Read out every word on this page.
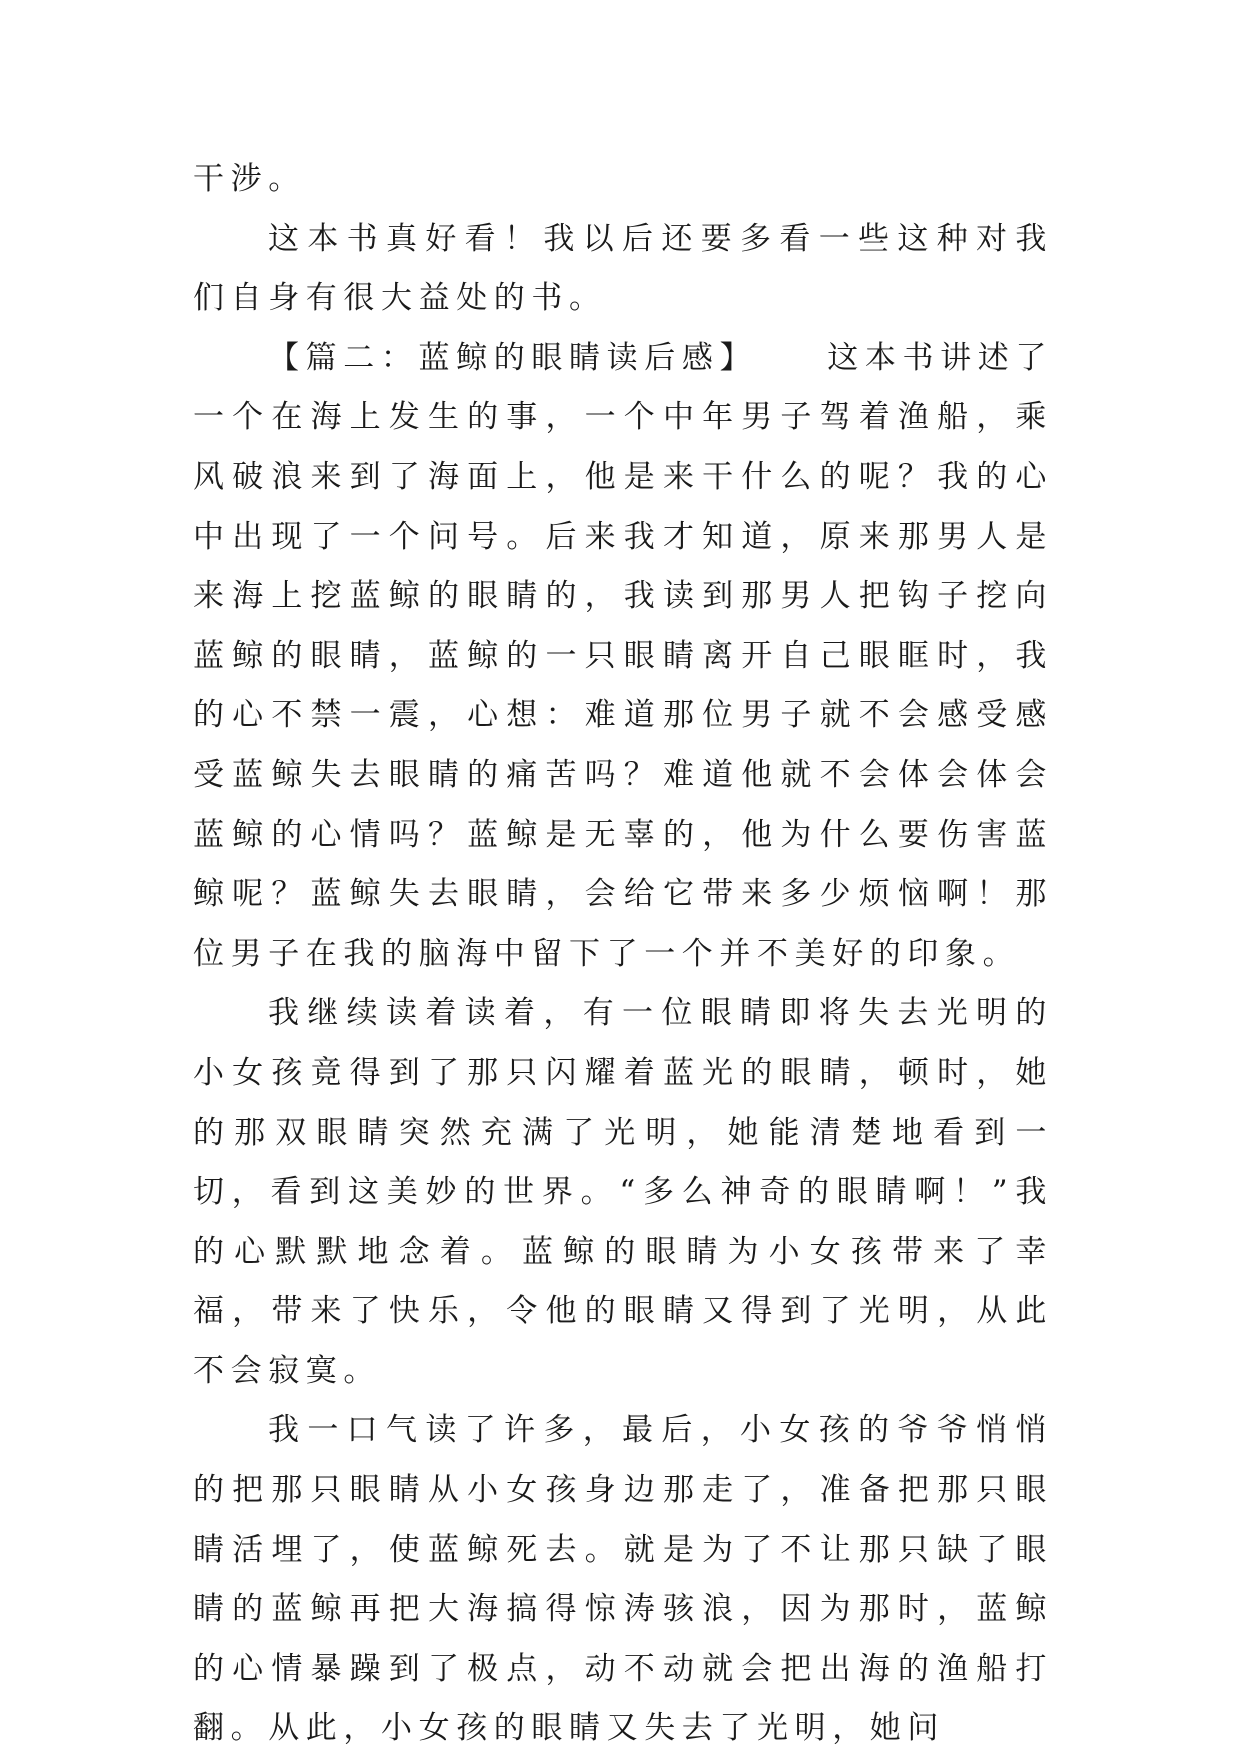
干涉。

这本书真好看！我以后还要多看一些这种对我们自身有很大益处的书。

【篇二：蓝鲸的眼睛读后感】 这本书讲述了一个在海上发生的事，一个中年男子驾着渔船，乘风破浪来到了海面上，他是来干什么的呢？我的心中出现了一个问号。后来我才知道，原来那男人是来海上挖蓝鲸的眼睛的，我读到那男人把钩子挖向蓝鲸的眼睛，蓝鲸的一只眼睛离开自己眼眶时，我的心不禁一震，心想：难道那位男子就不会感受感受蓝鲸失去眼睛的痛苦吗？难道他就不会体会体会蓝鲸的心情吗？蓝鲸是无辜的，他为什么要伤害蓝鲸呢？蓝鲸失去眼睛，会给它带来多少烦恼啊！那位男子在我的脑海中留下了一个并不美好的印象。

我继续读着读着，有一位眼睛即将失去光明的小女孩竟得到了那只闪耀着蓝光的眼睛，顿时，她的那双眼睛突然充满了光明，她能清楚地看到一切，看到这美妙的世界。“多么神奇的眼睛啊！”我的心默默地念着。蓝鲸的眼睛为小女孩带来了幸福，带来了快乐，令他的眼睛又得到了光明，从此不会寂寞。

我一口气读了许多，最后，小女孩的爷爷悄悄的把那只眼睛从小女孩身边那走了，准备把那只眼睛活埋了，使蓝鲸死去。就是为了不让那只缺了眼睛的蓝鲸再把大海搞得惊涛骇浪，因为那时，蓝鲸的心情暴躁到了极点，动不动就会把出海的渔船打翻。从此，小女孩的眼睛又失去了光明，她问
